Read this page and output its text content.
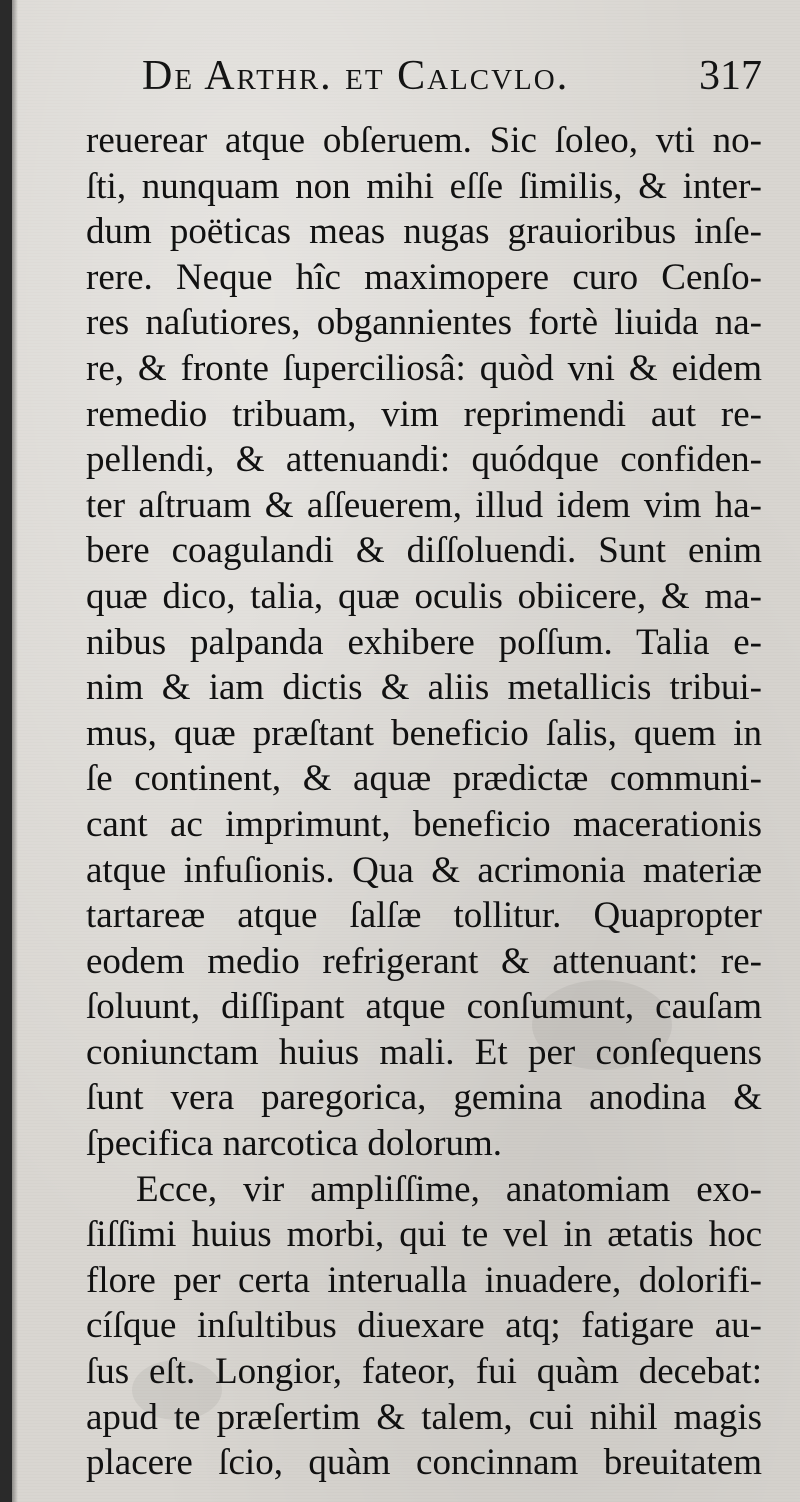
De Arthr. et Calcvlo.	317
reuerear atque obſeruem. Sic ſoleo, vti no-
ſti, nunquam non mihi eſſe ſimilis, & inter-
dum poëticas meas nugas grauioribus inſe-
rere. Neque hîc maximopere curo Cenſo-
res naſutiores, obgannientes fortè liuida na-
re, & fronte ſuperciliosâ: quòd vni & eidem
remedio tribuam, vim reprimendi aut re-
pellendi, & attenuandi: quódque confiden-
ter aſtruam & aſſeuerem, illud idem vim ha-
bere coagulandi & diſſoluendi. Sunt enim
quæ dico, talia, quæ oculis obiicere, & ma-
nibus palpanda exhibere poſſum. Talia e-
nim & iam dictis & aliis metallicis tribui-
mus, quæ præſtant beneficio ſalis, quem in
ſe continent, & aquæ prædictæ communi-
cant ac imprimunt, beneficio macerationis
atque infuſionis. Qua & acrimonia materiæ
tartareæ atque ſalſæ tollitur. Quapropter
eodem medio refrigerant & attenuant: re-
ſoluunt, diſſipant atque conſumunt, cauſam
coniunctam huius mali. Et per conſequens
ſunt vera paregorica, gemina anodina &
ſpecifica narcotica dolorum.
Ecce, vir ampliſſime, anatomiam exo-
ſiſſimi huius morbi, qui te vel in ætatis hoc
flore per certa interualla inuadere, dolorifi-
cíſque inſultibus diuexare atq; fatigare au-
ſus eſt. Longior, fateor, fui quàm decebat:
apud te præſertim & talem, cui nihil magis
placere ſcio, quàm concinnam breuitatem
